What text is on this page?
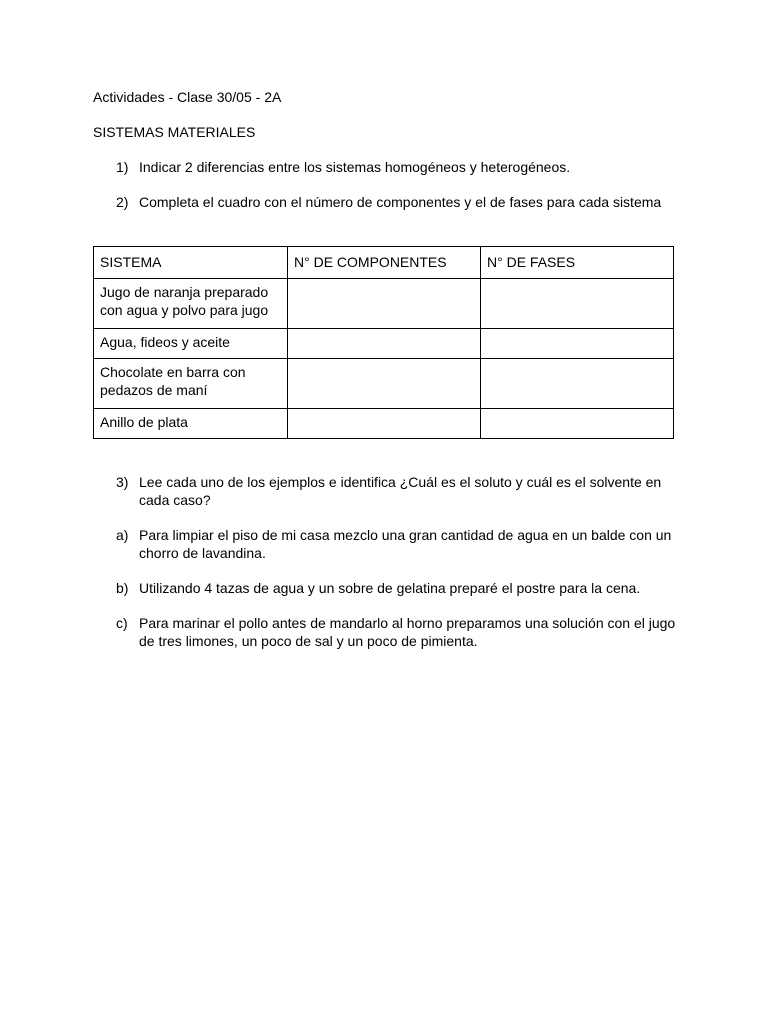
Actividades - Clase 30/05 - 2A
SISTEMAS MATERIALES
1) Indicar 2 diferencias entre los sistemas homogéneos y heterogéneos.
2) Completa el cuadro con el número de componentes y el de fases para cada sistema
SISTEMA	N° DE COMPONENTES	N° DE FASES
Jugo de naranja preparado con agua y polvo para jugo		
Agua, fideos y aceite		
Chocolate en barra con pedazos de maní		
Anillo de plata		
3) Lee cada uno de los ejemplos e identifica ¿Cuál es el soluto y cuál es el solvente en cada caso?
a) Para limpiar el piso de mi casa mezclo una gran cantidad de agua en un balde con un chorro de lavandina.
b) Utilizando 4 tazas de agua y un sobre de gelatina preparé el postre para la cena.
c) Para marinar el pollo antes de mandarlo al horno preparamos una solución con el jugo de tres limones, un poco de sal y un poco de pimienta.
